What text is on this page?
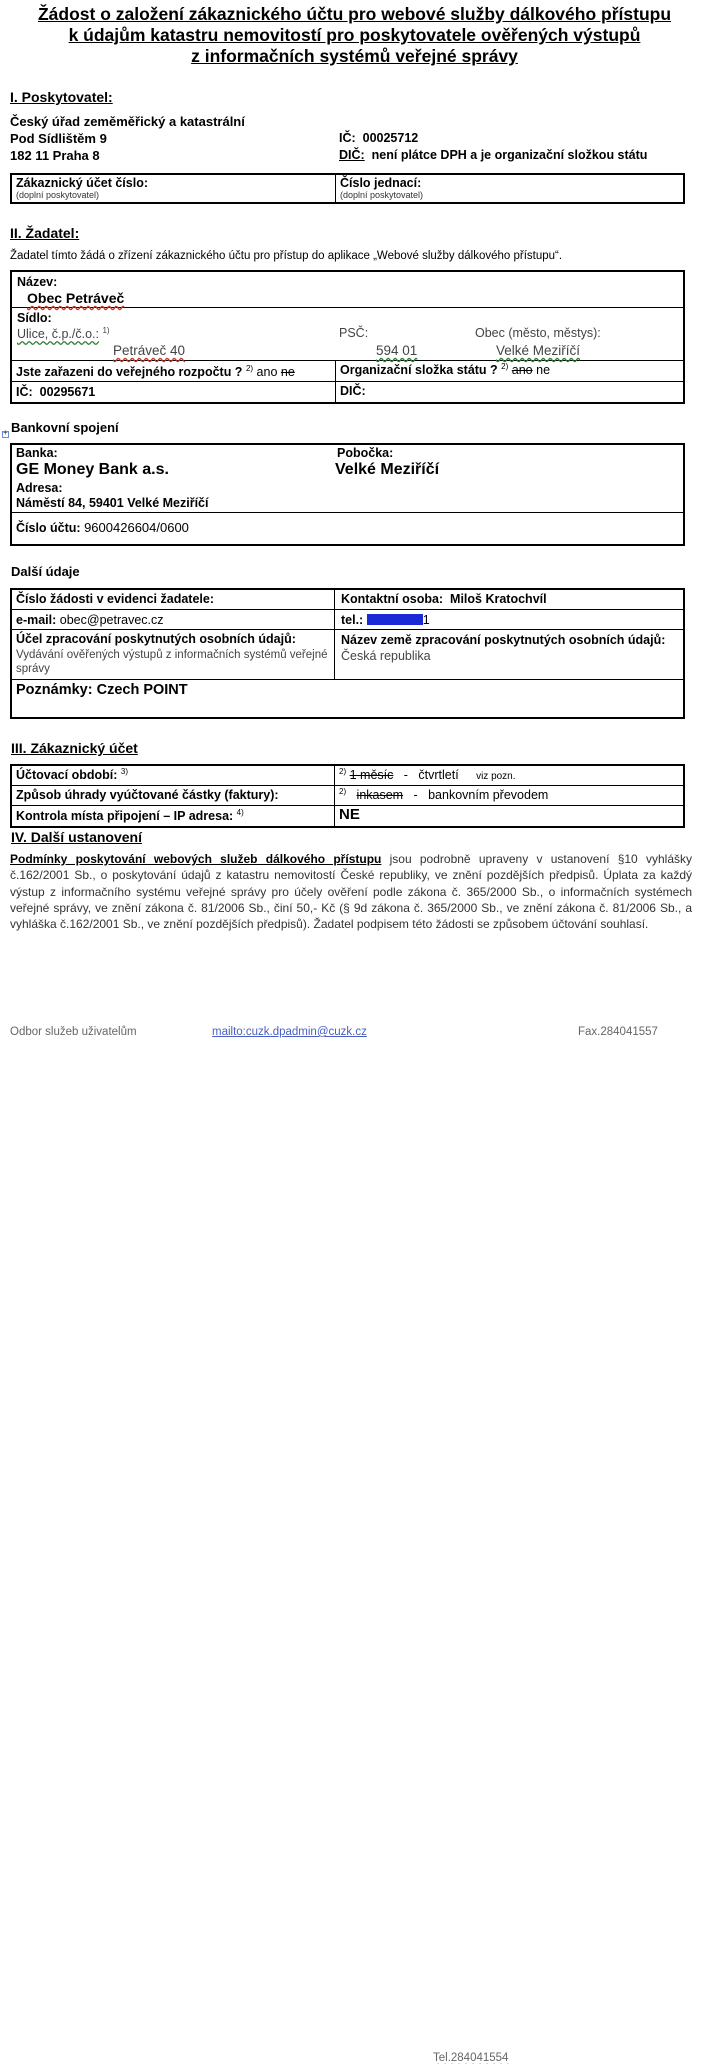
Žádost o založení zákaznického účtu pro webové služby dálkového přístupu
k údajům katastru nemovitostí pro poskytovatele ověřených výstupů
z informačních systémů veřejné správy
I. Poskytovatel:
Český úřad zeměměřický a katastrální
Pod Sídlištěm 9
182 11 Praha 8
IČ: 00025712
DIČ: není plátce DPH a je organizační složkou státu
Zákaznický účet číslo:
(doplní poskytovatel)
Číslo jednací:
(doplní poskytovatel)
II. Žadatel:
Žadatel tímto žádá o zřízení zákaznického účtu pro přístup do aplikace „Webové služby dálkového přístupu“.
Název:
Obec Petráveč
Sídlo:
Ulice, č.p./č.o.: $^{1)}$	PSČ:	Obec (město, městys):
Petráveč 40	594 01	Velké Meziříčí
Jste zařazeni do veřejného rozpočtu ? $^{2)}$ ano ne	Organizační složka státu ? $^{2)}$ ano ne
IČ: 00295671	DIČ:
+
Bankovní spojení
Banka:
GE Money Bank a.s.
Pobočka:
Velké Meziříčí
Adresa:
Náměstí 84, 59401 Velké Meziříčí
Číslo účtu: 9600426604/0600
Další údaje
Číslo žádosti v evidenci žadatele:	Kontaktní osoba: Miloš Kratochvíl
e-mail: obec@petravec.cz	tel.:	1
Účel zpracování poskytnutých osobních údajů:
Vydávání ověřených výstupů z informačních systémů veřejné správy
Název země zpracování poskytnutých osobních údajů: Česká republika
Poznámky: Czech POINT
III. Zákaznický účet
Účtovací období: $^{3)}$	$^{2)}$ 1 měsíc - čtvrtletí viz pozn.
Způsob úhrady vyúčtované částky (faktury):	$^{2)}$ inkasem - bankovním převodem
Kontrola místa připojení – IP adresa: $^{4)}$	NE
IV. Další ustanovení
Podmínky poskytování webových služeb dálkového přístupu jsou podrobně upraveny v ustanovení §10 vyhlášky č.162/2001 Sb., o poskytování údajů z katastru nemovitostí České republiky, ve znění pozdějších předpisů. Úplata za každý výstup z informačního systému veřejné správy pro účely ověření podle zákona č. 365/2000 Sb., o informačních systémech veřejné správy, ve znění zákona č. 81/2006 Sb., činí 50,- Kč (§ 9d zákona č. 365/2000 Sb., ve znění zákona č. 81/2006 Sb., a vyhláška č.162/2001 Sb., ve znění pozdějších předpisů). Žadatel podpisem této žádosti se způsobem účtování souhlasí.
Odbor služeb uživatelům	mailto:cuzk.dpadmin@cuzk.cz
Tel.284041554
Fax.284041557
